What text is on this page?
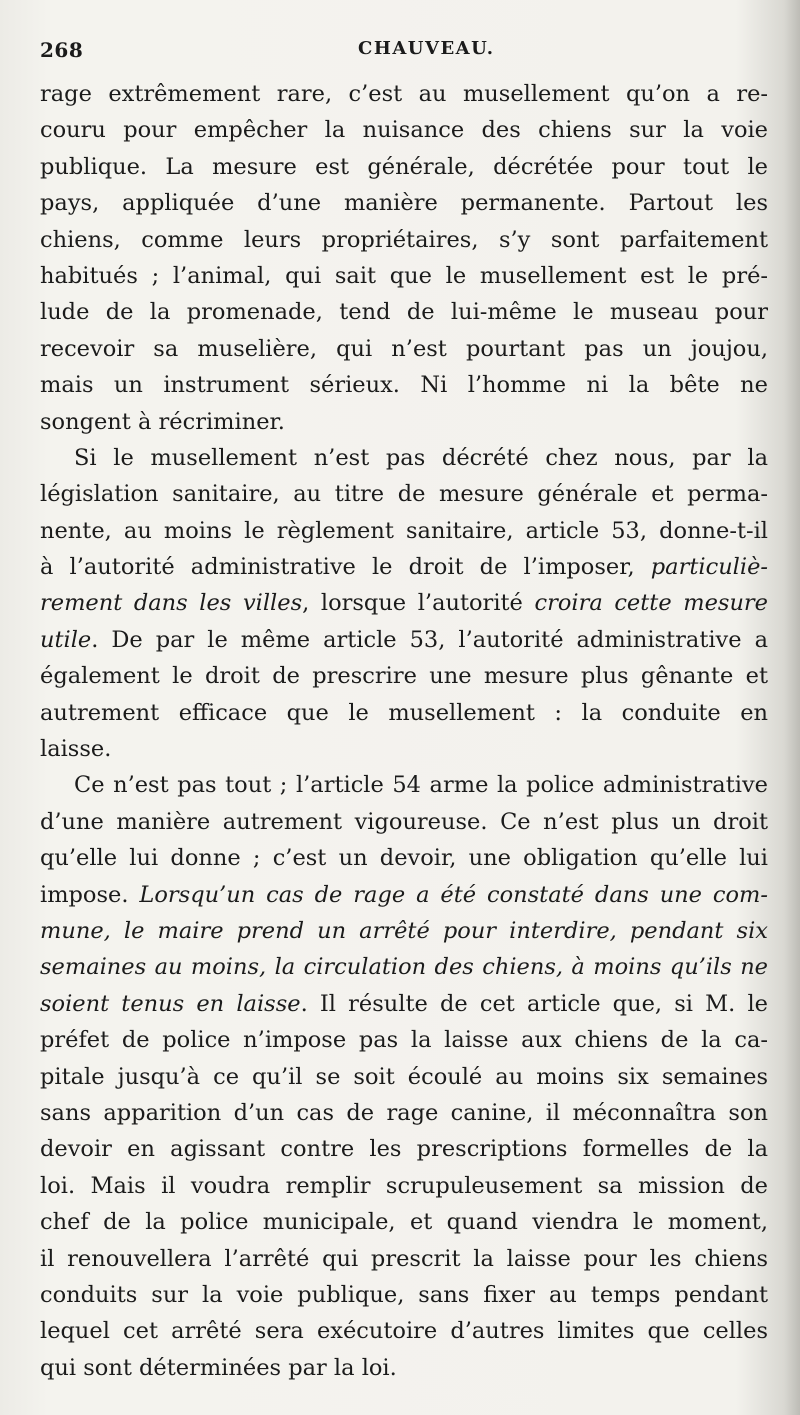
268	CHAUVEAU.
rage extrêmement rare, c’est au musellement qu’on a re-
couru pour empêcher la nuisance des chiens sur la voie
publique. La mesure est générale, décrétée pour tout le
pays, appliquée d’une manière permanente. Partout les
chiens, comme leurs propriétaires, s’y sont parfaitement
habitués ; l’animal, qui sait que le musellement est le pré-
lude de la promenade, tend de lui-même le museau pour
recevoir sa muselière, qui n’est pourtant pas un joujou,
mais un instrument sérieux. Ni l’homme ni la bête ne
songent à récriminer.
Si le musellement n’est pas décrété chez nous, par la
législation sanitaire, au titre de mesure générale et perma-
nente, au moins le règlement sanitaire, article 53, donne-t-il
à l’autorité administrative le droit de l’imposer, particuliè-
rement dans les villes, lorsque l’autorité croira cette mesure
utile. De par le même article 53, l’autorité administrative a
également le droit de prescrire une mesure plus gênante et
autrement efficace que le musellement : la conduite en
laisse.
Ce n’est pas tout ; l’article 54 arme la police administrative
d’une manière autrement vigoureuse. Ce n’est plus un droit
qu’elle lui donne ; c’est un devoir, une obligation qu’elle lui
impose. Lorsqu’un cas de rage a été constaté dans une com-
mune, le maire prend un arrêté pour interdire, pendant six
semaines au moins, la circulation des chiens, à moins qu’ils ne
soient tenus en laisse. Il résulte de cet article que, si M. le
préfet de police n’impose pas la laisse aux chiens de la ca-
pitale jusqu’à ce qu’il se soit écoulé au moins six semaines
sans apparition d’un cas de rage canine, il méconnaîtra son
devoir en agissant contre les prescriptions formelles de la
loi. Mais il voudra remplir scrupuleusement sa mission de
chef de la police municipale, et quand viendra le moment,
il renouvellera l’arrêté qui prescrit la laisse pour les chiens
conduits sur la voie publique, sans fixer au temps pendant
lequel cet arrêté sera exécutoire d’autres limites que celles
qui sont déterminées par la loi.
